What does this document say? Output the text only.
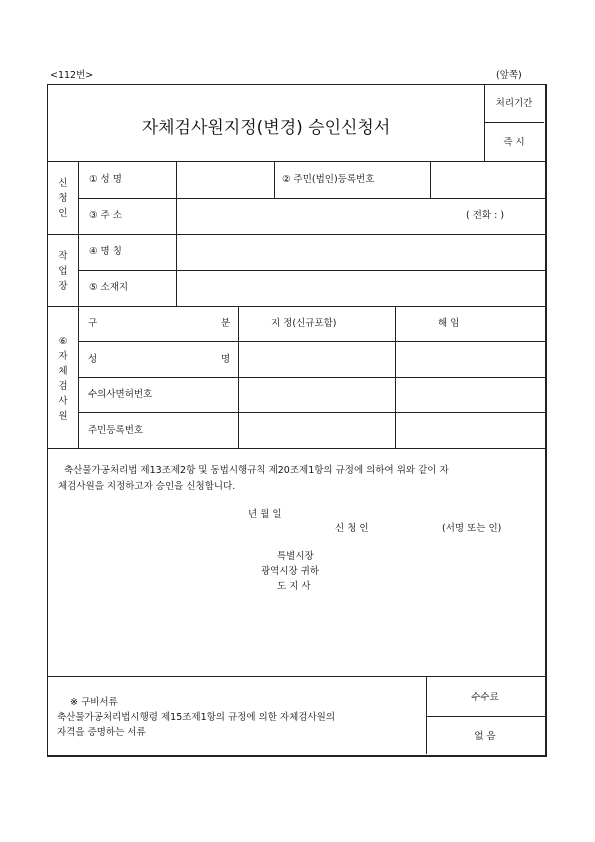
<112번>	(앞쪽)
자체검사원지정(변경) 승인신청서
처리기간
즉 시
신청인
① 성 명	② 주민(법인)등록번호
③ 주 소	( 전화 : )
작업장
④ 명 칭
⑤ 소재지
⑥자체검사원
구	분	지 정(신규포함)	해 임
성	명
수의사면허번호
주민등록번호
축산물가공처리법 제13조제2항 및 동법시행규칙 제20조제1항의 규정에 의하여 위와 같이 자
체검사원을 지정하고자 승인을 신청합니다.
년 월 일
신 청 인	(서명 또는 인)
특별시장
광역시장 귀하
도 지 사
※ 구비서류
축산물가공처리법시행령 제15조제1항의 규정에 의한 자체검사원의
자격을 증명하는 서류
수수료
없 음
